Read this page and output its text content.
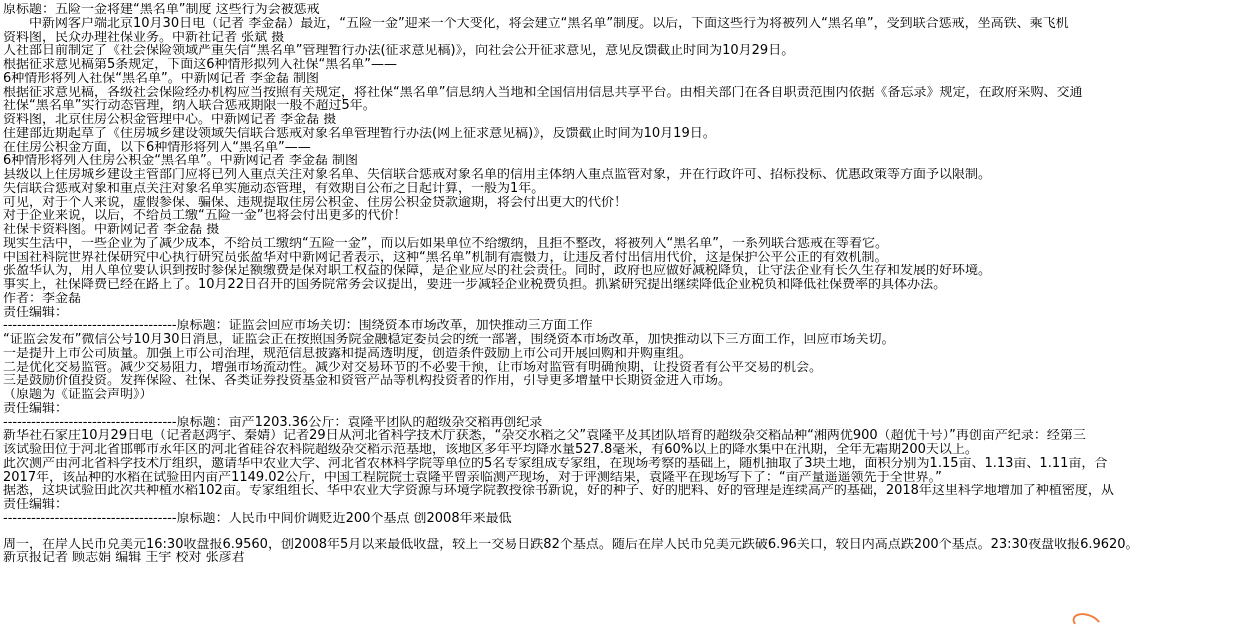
原标题：五险一金将建“黑名单”制度 这些行为会被惩戒
　　中新网客户端北京10月30日电（记者 李金磊）最近，“五险一金”迎来一个大变化，将会建立“黑名单”制度。以后，下面这些行为将被列入“黑名单”，受到联合惩戒，坐高铁、乘飞机
资料图，民众办理社保业务。中新社记者 张斌 摄
人社部日前制定了《社会保险领域严重失信“黑名单”管理暂行办法(征求意见稿)》，向社会公开征求意见，意见反馈截止时间为10月29日。
根据征求意见稿第5条规定，下面这6种情形拟列入社保“黑名单”——
6种情形将列入社保“黑名单”。中新网记者 李金磊 制图
根据征求意见稿，各级社会保险经办机构应当按照有关规定，将社保“黑名单”信息纳入当地和全国信用信息共享平台。由相关部门在各自职责范围内依据《备忘录》规定，在政府采购、交通
社保“黑名单”实行动态管理，纳入联合惩戒期限一般不超过5年。
资料图，北京住房公积金管理中心。中新网记者 李金磊 摄
住建部近期起草了《住房城乡建设领域失信联合惩戒对象名单管理暂行办法(网上征求意见稿)》，反馈截止时间为10月19日。
在住房公积金方面，以下6种情形将列入“黑名单”——
6种情形将列入住房公积金“黑名单”。中新网记者 李金磊 制图
县级以上住房城乡建设主管部门应将已列入重点关注对象名单、失信联合惩戒对象名单的信用主体纳入重点监管对象，并在行政许可、招标投标、优惠政策等方面予以限制。
失信联合惩戒对象和重点关注对象名单实施动态管理，有效期自公布之日起计算，一般为1年。
可见，对于个人来说，虚假参保、骗保、违规提取住房公积金、住房公积金贷款逾期，将会付出更大的代价！
对于企业来说，以后，不给员工缴“五险一金”也将会付出更多的代价！
社保卡资料图。中新网记者 李金磊 摄
现实生活中，一些企业为了减少成本，不给员工缴纳“五险一金”，而以后如果单位不给缴纳，且拒不整改，将被列入“黑名单”，一系列联合惩戒在等着它。
中国社科院世界社保研究中心执行研究员张盈华对中新网记者表示，这种“黑名单”机制有震慑力，让违反者付出信用代价，这是保护公平公正的有效机制。
张盈华认为，用人单位要认识到按时参保足额缴费是保对职工权益的保障，是企业应尽的社会责任。同时，政府也应做好减税降负，让守法企业有长久生存和发展的好环境。
事实上，社保降费已经在路上了。10月22日召开的国务院常务会议提出，要进一步减轻企业税费负担。抓紧研究提出继续降低企业税负和降低社保费率的具体办法。
作者：李金磊
责任编辑：
-------------------------------------原标题：证监会回应市场关切：围绕资本市场改革，加快推动三方面工作
“证监会发布”微信公号10月30日消息，证监会正在按照国务院金融稳定委员会的统一部署，围绕资本市场改革，加快推动以下三方面工作，回应市场关切。
一是提升上市公司质量。加强上市公司治理，规范信息披露和提高透明度，创造条件鼓励上市公司开展回购和并购重组。
二是优化交易监管。减少交易阻力，增强市场流动性。减少对交易环节的不必要干预，让市场对监管有明确预期，让投资者有公平交易的机会。
三是鼓励价值投资。发挥保险、社保、各类证券投资基金和资管产品等机构投资者的作用，引导更多增量中长期资金进入市场。
（原题为《证监会声明》）
责任编辑：
-------------------------------------原标题：亩产1203.36公斤：袁隆平团队的超级杂交稻再创纪录
新华社石家庄10月29日电（记者赵鸿宇、秦婧）记者29日从河北省科学技术厅获悉，“杂交水稻之父”袁隆平及其团队培育的超级杂交稻品种“湘两优900（超优千号）”再创亩产纪录：经第三
该试验田位于河北省邯郸市永年区的河北省硅谷农科院超级杂交稻示范基地，该地区多年平均降水量527.8毫米，有60%以上的降水集中在汛期，全年无霜期200天以上。
此次测产由河北省科学技术厅组织，邀请华中农业大学、河北省农林科学院等单位的5名专家组成专家组，在现场考察的基础上，随机抽取了3块土地，面积分别为1.15亩、1.13亩、1.11亩，合
2017年，该品种的水稻在试验田内亩产1149.02公斤，中国工程院院士袁隆平曾亲临测产现场，对于评测结果，袁隆平在现场写下了：“亩产量遥遥领先于全世界。”
据悉，这块试验田此次共种植水稻102亩。专家组组长、华中农业大学资源与环境学院教授徐书新说，好的种子、好的肥料、好的管理是连续高产的基础，2018年这里科学地增加了种植密度，从
责任编辑：
-------------------------------------原标题：人民币中间价调贬近200个基点 创2008年来最低
周一，在岸人民币兑美元16:30收盘报6.9560，创2008年5月以来最低收盘，较上一交易日跌82个基点。随后在岸人民币兑美元跌破6.96关口，较日内高点跌200个基点。23:30夜盘收报6.9620。
新京报记者 顾志娟 编辑 王宇 校对 张彦君
